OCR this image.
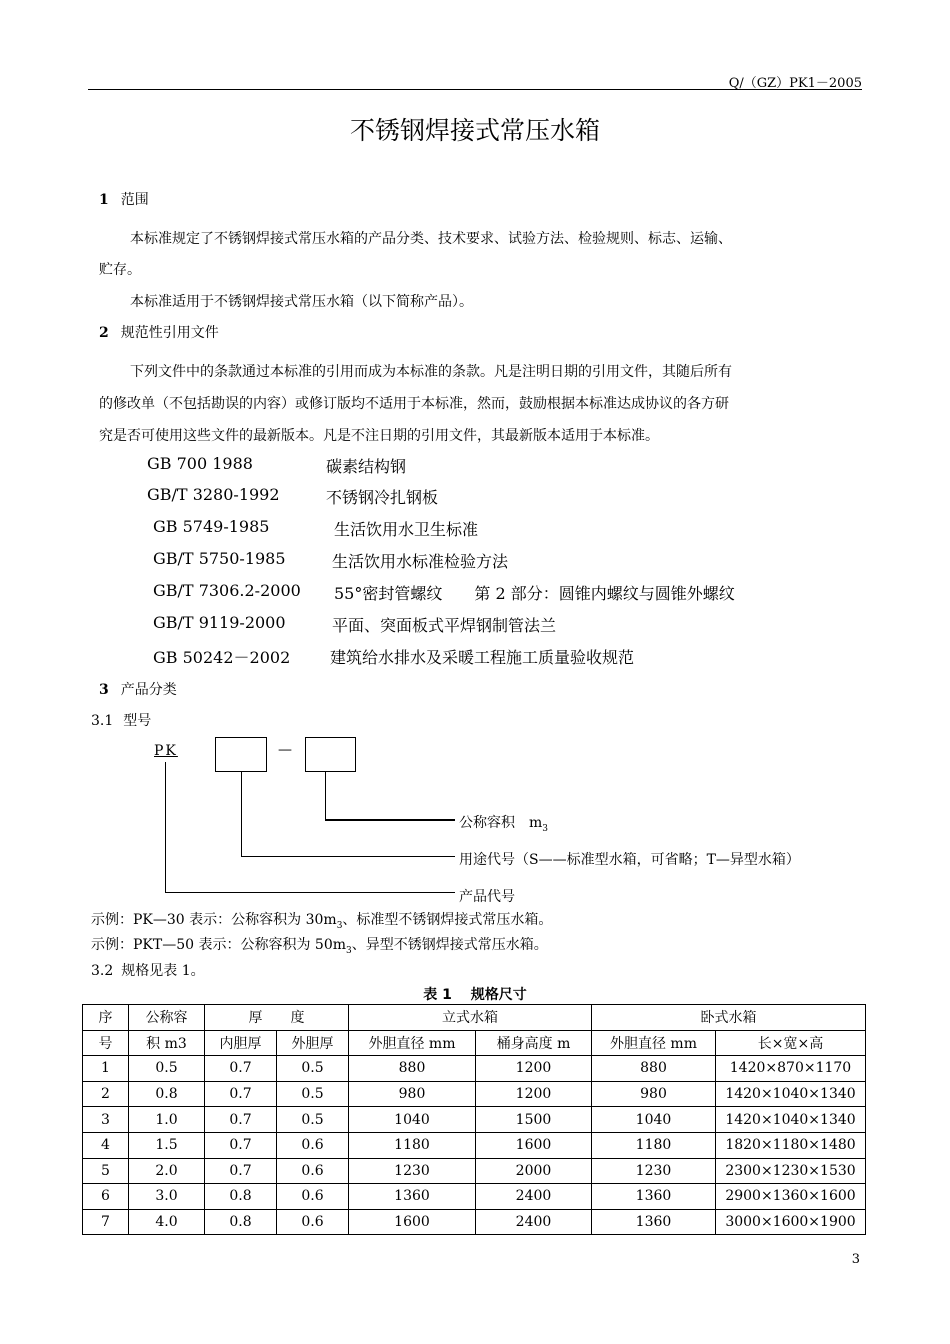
Q/（GZ）PK1－2005
不锈钢焊接式常压水箱
1 范围
本标准规定了不锈钢焊接式常压水箱的产品分类、技术要求、试验方法、检验规则、标志、运输、
贮存。
本标准适用于不锈钢焊接式常压水箱（以下简称产品）。
2 规范性引用文件
下列文件中的条款通过本标准的引用而成为本标准的条款。凡是注明日期的引用文件，其随后所有
的修改单（不包括勘误的内容）或修订版均不适用于本标准，然而，鼓励根据本标准达成协议的各方研
究是否可使用这些文件的最新版本。凡是不注日期的引用文件，其最新版本适用于本标准。
GB 700 1988	碳素结构钢
GB/T 3280-1992	不锈钢冷扎钢板
GB 5749-1985	生活饮用水卫生标准
GB/T 5750-1985	生活饮用水标准检验方法
GB/T 7306.2-2000 55°密封管螺纹　　第 2 部分：圆锥内螺纹与圆锥外螺纹
GB/T 9119-2000	平面、突面板式平焊钢制管法兰
GB 50242－2002 建筑给水排水及采暖工程施工质量验收规范
3 产品分类
3.1 型号
PK	—
公称容积　$m_3$
用途代号（S——标准型水箱，可省略；T—异型水箱）
产品代号
示例：PK—30 表示：公称容积为 $30m_3$、标准型不锈钢焊接式常压水箱。
示例：PKT—50 表示：公称容积为 $50m_3$、异型不锈钢焊接式常压水箱。
3.2 规格见表 1。
表 1　 规格尺寸
序	公称容	厚　　度		立式水箱		卧式水箱	
号	积 m3	内胆厚	外胆厚	外胆直径 mm	桶身高度 m	外胆直径 mm	长×宽×高
1	0.5	0.7	0.5	880	1200	880	1420×870×1170
2	0.8	0.7	0.5	980	1200	980	1420×1040×1340
3	1.0	0.7	0.5	1040	1500	1040	1420×1040×1340
4	1.5	0.7	0.6	1180	1600	1180	1820×1180×1480
5	2.0	0.7	0.6	1230	2000	1230	2300×1230×1530
6	3.0	0.8	0.6	1360	2400	1360	2900×1360×1600
7	4.0	0.8	0.6	1600	2400	1360	3000×1600×1900
3
